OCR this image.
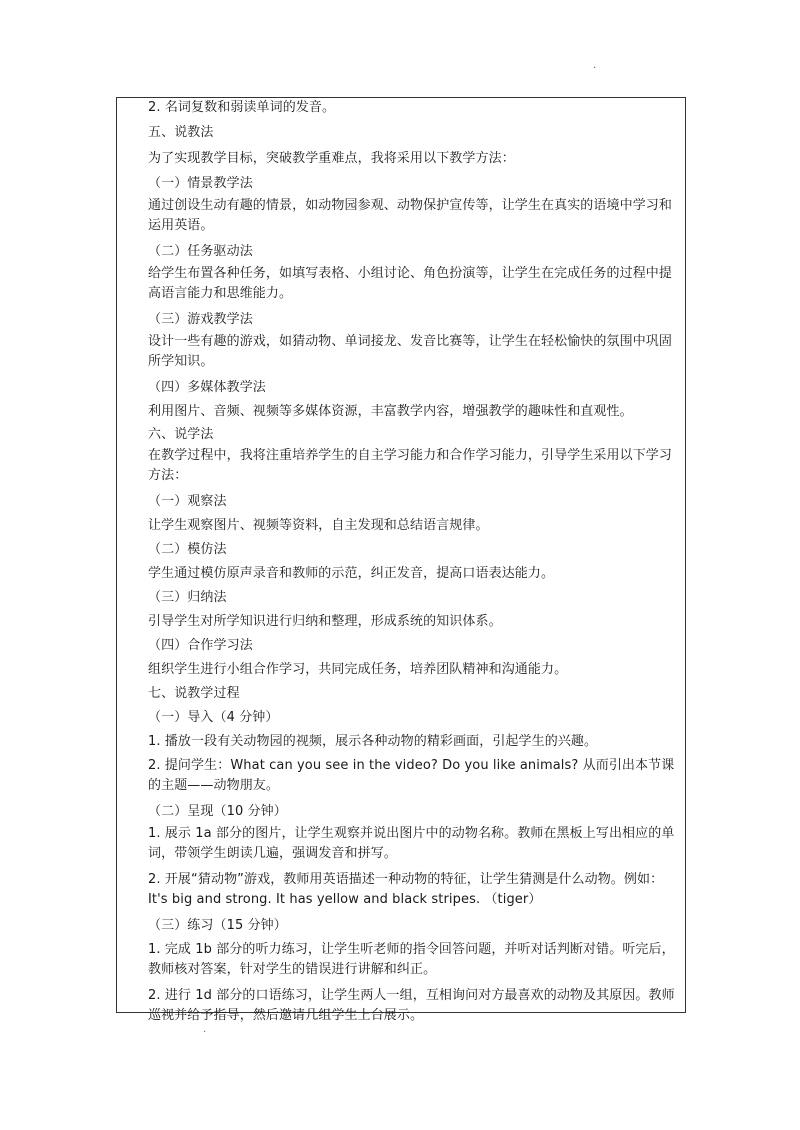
.

2. 名词复数和弱读单词的发音。

五、说教法

为了实现教学目标，突破教学重难点，我将采用以下教学方法：

（一）情景教学法

通过创设生动有趣的情景，如动物园参观、动物保护宣传等，让学生在真实的语境中学习和运用英语。

（二）任务驱动法

给学生布置各种任务，如填写表格、小组讨论、角色扮演等，让学生在完成任务的过程中提高语言能力和思维能力。

（三）游戏教学法

设计一些有趣的游戏，如猜动物、单词接龙、发音比赛等，让学生在轻松愉快的氛围中巩固所学知识。

（四）多媒体教学法

利用图片、音频、视频等多媒体资源，丰富教学内容，增强教学的趣味性和直观性。

六、说学法

在教学过程中，我将注重培养学生的自主学习能力和合作学习能力，引导学生采用以下学习方法：

（一）观察法

让学生观察图片、视频等资料，自主发现和总结语言规律。

（二）模仿法

学生通过模仿原声录音和教师的示范，纠正发音，提高口语表达能力。

（三）归纳法

引导学生对所学知识进行归纳和整理，形成系统的知识体系。

（四）合作学习法

组织学生进行小组合作学习，共同完成任务，培养团队精神和沟通能力。

七、说教学过程

（一）导入（4 分钟）

1. 播放一段有关动物园的视频，展示各种动物的精彩画面，引起学生的兴趣。

2. 提问学生：What can you see in the video? Do you like animals? 从而引出本节课的主题——动物朋友。

（二）呈现（10 分钟）

1. 展示 1a 部分的图片，让学生观察并说出图片中的动物名称。教师在黑板上写出相应的单词，带领学生朗读几遍，强调发音和拼写。

2. 开展“猜动物”游戏，教师用英语描述一种动物的特征，让学生猜测是什么动物。例如：It's big and strong. It has yellow and black stripes. （tiger）

（三）练习（15 分钟）

1. 完成 1b 部分的听力练习，让学生听老师的指令回答问题，并听对话判断对错。听完后，教师核对答案，针对学生的错误进行讲解和纠正。

2. 进行 1d 部分的口语练习，让学生两人一组，互相询问对方最喜欢的动物及其原因。教师巡视并给予指导，然后邀请几组学生上台展示。

.
